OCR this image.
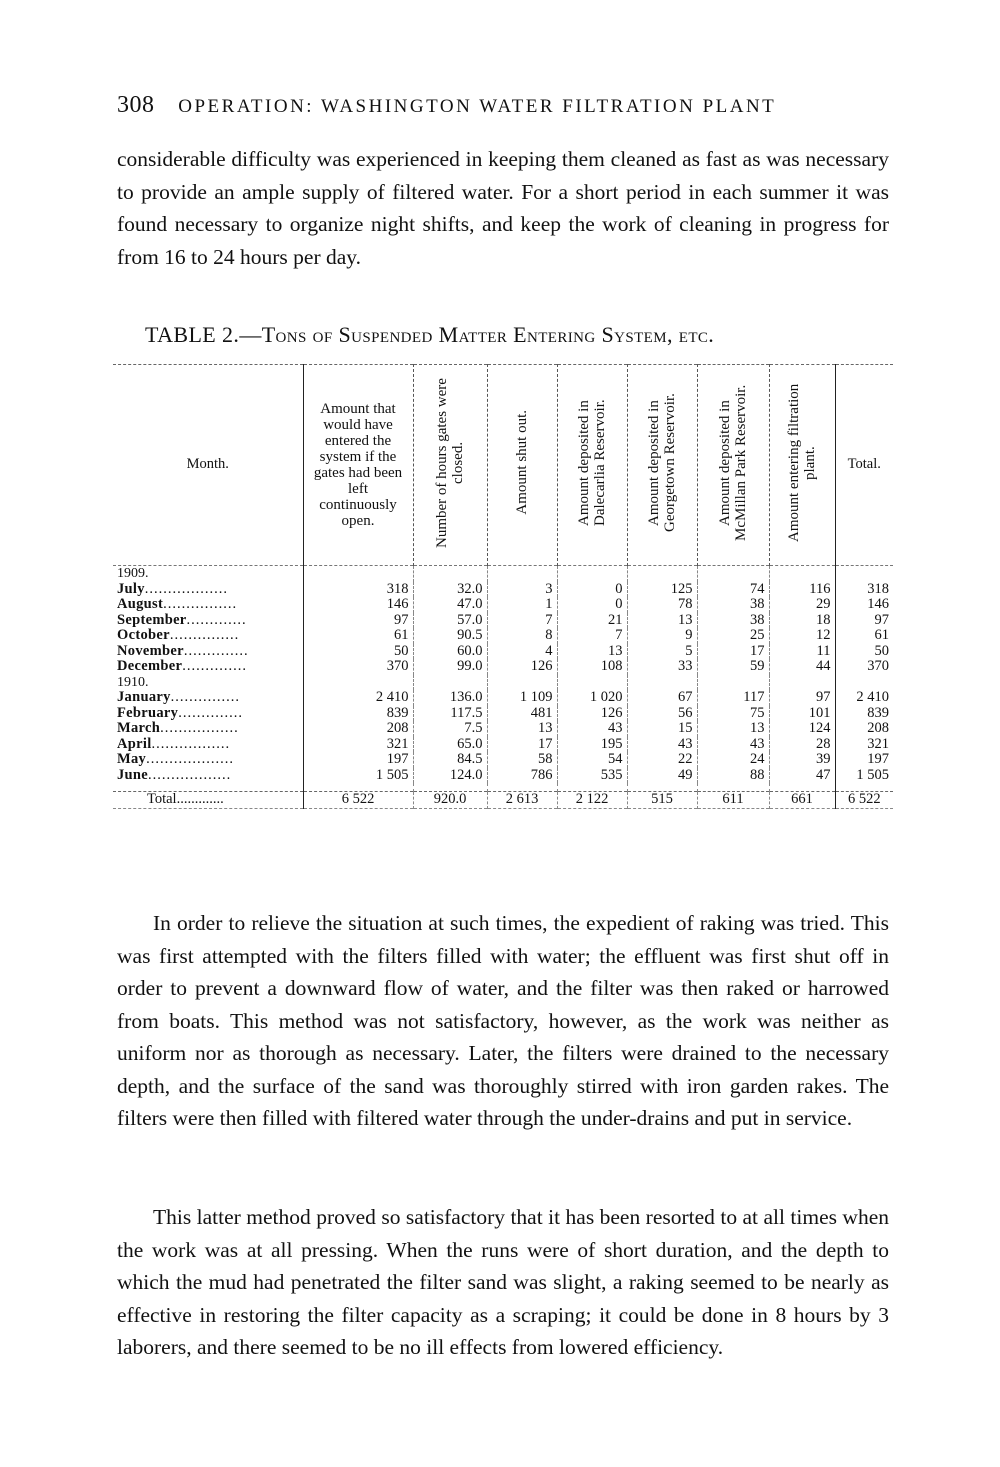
308 OPERATION: WASHINGTON WATER FILTRATION PLANT

considerable difficulty was experienced in keeping them cleaned as fast as was necessary to provide an ample supply of filtered water. For a short period in each summer it was found necessary to organize night shifts, and keep the work of cleaning in progress for from 16 to 24 hours per day.

TABLE 2.—Tons of Suspended Matter Entering System, etc.
Month.	Amount that would have entered the system if the gates had been left continuously open.	Number of hours gates were closed.	Amount shut out.	Amount deposited in Dalecarlia Reservoir.	Amount deposited in Georgetown Reservoir.	Amount deposited in McMillan Park Reservoir.	Amount entering filtration plant.	Total.
1909.								
July..................	318	32.0	3	0	125	74	116	318
August................	146	47.0	1	0	78	38	29	146
September.............	97	57.0	7	21	13	38	18	97
October...............	61	90.5	8	7	9	25	12	61
November..............	50	60.0	4	13	5	17	11	50
December..............	370	99.0	126	108	33	59	44	370
1910.								
January...............	2 410	136.0	1 109	1 020	67	117	97	2 410
February..............	839	117.5	481	126	56	75	101	839
March.................	208	7.5	13	43	15	13	124	208
April.................	321	65.0	17	195	43	43	28	321
May...................	197	84.5	58	54	22	24	39	197
June..................	1 505	124.0	786	535	49	88	47	1 505

Total.............	6 522	920.0	2 613	2 122	515	611	661	6 522

In order to relieve the situation at such times, the expedient of raking was tried. This was first attempted with the filters filled with water; the effluent was first shut off in order to prevent a downward flow of water, and the filter was then raked or harrowed from boats. This method was not satisfactory, however, as the work was neither as uniform nor as thorough as necessary. Later, the filters were drained to the necessary depth, and the surface of the sand was thoroughly stirred with iron garden rakes. The filters were then filled with filtered water through the under-drains and put in service.

This latter method proved so satisfactory that it has been resorted to at all times when the work was at all pressing. When the runs were of short duration, and the depth to which the mud had penetrated the filter sand was slight, a raking seemed to be nearly as effective in restoring the filter capacity as a scraping; it could be done in 8 hours by 3 laborers, and there seemed to be no ill effects from lowered efficiency.
